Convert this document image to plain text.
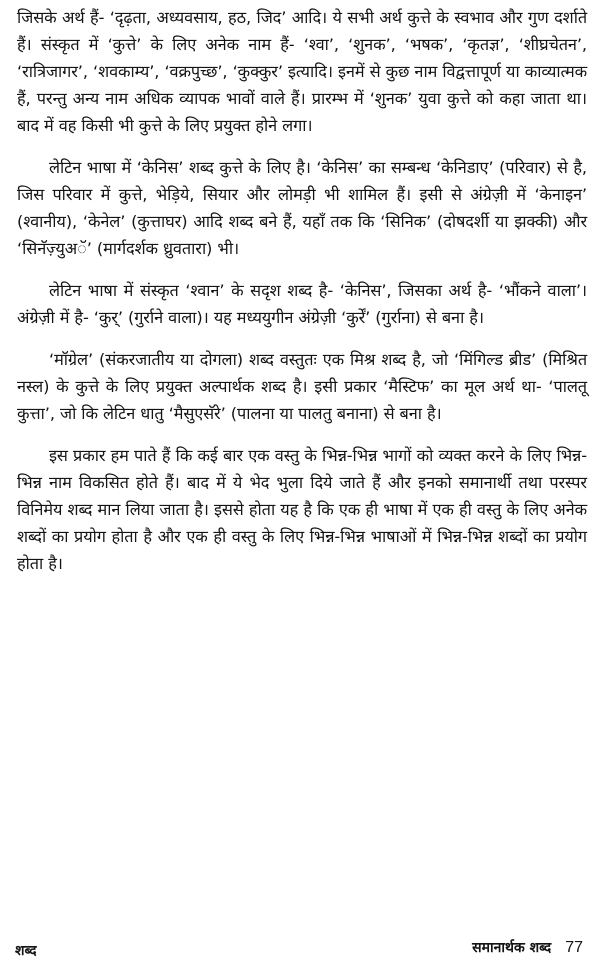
जिसके अर्थ हैं- ‘दृढ़ता, अध्यवसाय, हठ, जिद’ आदि। ये सभी अर्थ कुत्ते के स्वभाव और गुण दर्शाते हैं। संस्कृत में ‘कुत्ते’ के लिए अनेक नाम हैं- ‘श्वा’, ‘शुनक’, ‘भषक’, ‘कृतज्ञ’, ‘शीघ्रचेतन’, ‘रात्रिजागर’, ‘शवकाम्य’, ‘वक्रपुच्छ’, ‘कुक्कुर’ इत्यादि। इनमें से कुछ नाम विद्वत्तापूर्ण या काव्यात्मक हैं, परन्तु अन्य नाम अधिक व्यापक भावों वाले हैं। प्रारम्भ में ‘शुनक’ युवा कुत्ते को कहा जाता था। बाद में वह किसी भी कुत्ते के लिए प्रयुक्त होने लगा।

लेटिन भाषा में ‘केनिस’ शब्द कुत्ते के लिए है। ‘केनिस’ का सम्बन्ध ‘केनिडाए’ (परिवार) से है, जिस परिवार में कुत्ते, भेड़िये, सियार और लोमड़ी भी शामिल हैं। इसी से अंग्रेज़ी में ‘केनाइन’ (श्वानीय), ‘केनेल’ (कुत्ताघर) आदि शब्द बने हैं, यहाँ तक कि ‘सिनिक’ (दोषदर्शी या झक्की) और ‘सिनॅज़्युअॅ’ (मार्गदर्शक ध्रुवतारा) भी।

लेटिन भाषा में संस्कृत ‘श्वान’ के सदृश शब्द है- ‘केनिस’, जिसका अर्थ है- ‘भौंकने वाला’। अंग्रेज़ी में है- ‘कुर्’ (गुर्राने वाला)। यह मध्ययुगीन अंग्रेज़ी ‘कुर्रें’ (गुर्राना) से बना है।

‘मॉग्रेल’ (संकरजातीय या दोगला) शब्द वस्तुतः एक मिश्र शब्द है, जो ‘मिंगिल्ड ब्रीड’ (मिश्रित नस्ल) के कुत्ते के लिए प्रयुक्त अल्पार्थक शब्द है। इसी प्रकार ‘मैस्टिफ’ का मूल अर्थ था- ‘पालतू कुत्ता’, जो कि लेटिन धातु ‘मैसुएसॅरे’ (पालना या पालतु बनाना) से बना है।

इस प्रकार हम पाते हैं कि कई बार एक वस्तु के भिन्न-भिन्न भागों को व्यक्त करने के लिए भिन्न-भिन्न नाम विकसित होते हैं। बाद में ये भेद भुला दिये जाते हैं और इनको समानार्थी तथा परस्पर विनिमेय शब्द मान लिया जाता है। इससे होता यह है कि एक ही भाषा में एक ही वस्तु के लिए अनेक शब्दों का प्रयोग होता है और एक ही वस्तु के लिए भिन्न-भिन्न भाषाओं में भिन्न-भिन्न शब्दों का प्रयोग होता है।

शब्द	समानार्थक शब्द 77
